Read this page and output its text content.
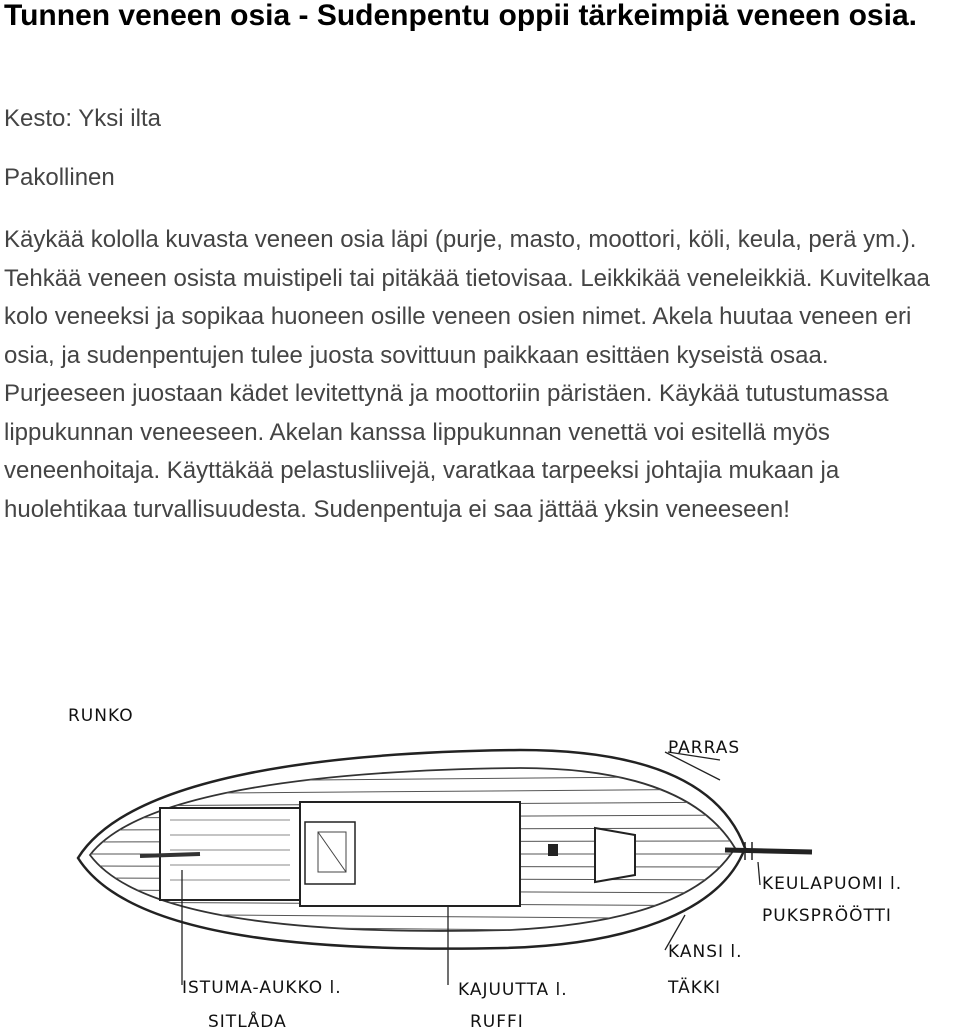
Tunnen veneen osia - Sudenpentu oppii tärkeimpiä veneen osia.

Kesto: Yksi ilta

Pakollinen

Käykää kololla kuvasta veneen osia läpi (purje, masto, moottori, köli, keula, perä ym.). Tehkää veneen osista muistipeli tai pitäkää tietovisaa. Leikkikää veneleikkiä. Kuvitelkaa kolo veneeksi ja sopikaa huoneen osille veneen osien nimet. Akela huutaa veneen eri osia, ja sudenpentujen tulee juosta sovittuun paikkaan esittäen kyseistä osaa. Purjeeseen juostaan kädet levitettynä ja moottoriin päristäen. Käykää tutustumassa lippukunnan veneeseen. Akelan kanssa lippukunnan venettä voi esitellä myös veneenhoitaja. Käyttäkää pelastusliivejä, varatkaa tarpeeksi johtajia mukaan ja huolehtikaa turvallisuudesta. Sudenpentuja ei saa jättää yksin veneeseen!

RUNKO
PARRAS
KEULAPUOMI l.
PUKSPRÖÖTTI
KANSI l.
TÄKKI
ISTUMA-AUKKO l.
SITLÅDA
KAJUUTTA l.
RUFFI
